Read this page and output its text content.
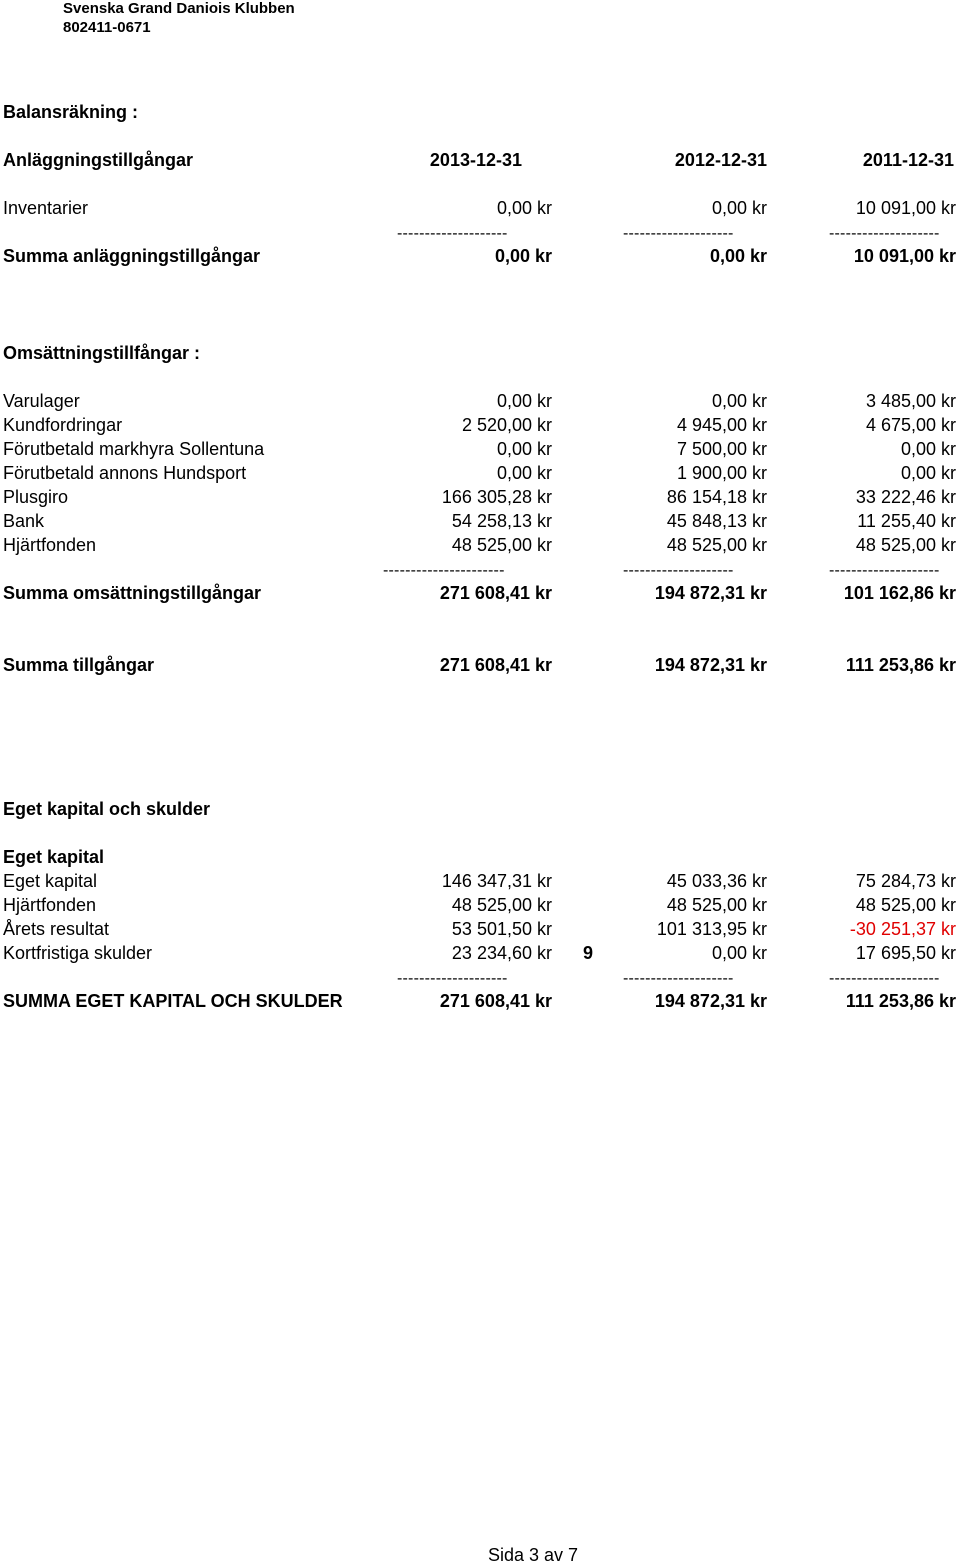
Svenska Grand Daniois Klubben
802411-0671
Balansräkning :
Anläggningstillgångar	2013-12-31	2012-12-31	2011-12-31
Inventarier	0,00 kr	0,00 kr	10 091,00 kr
--------------------	--------------------	--------------------
Summa anläggningstillgångar	0,00 kr	0,00 kr	10 091,00 kr
Omsättningstillfångar :
Varulager	0,00 kr	0,00 kr	3 485,00 kr
Kundfordringar	2 520,00 kr	4 945,00 kr	4 675,00 kr
Förutbetald markhyra Sollentuna	0,00 kr	7 500,00 kr	0,00 kr
Förutbetald annons Hundsport	0,00 kr	1 900,00 kr	0,00 kr
Plusgiro	166 305,28 kr	86 154,18 kr	33 222,46 kr
Bank	54 258,13 kr	45 848,13 kr	11 255,40 kr
Hjärtfonden	48 525,00 kr	48 525,00 kr	48 525,00 kr
----------------------	--------------------	--------------------
Summa omsättningstillgångar	271 608,41 kr	194 872,31 kr	101 162,86 kr
Summa tillgångar	271 608,41 kr	194 872,31 kr	111 253,86 kr
Eget kapital och skulder
Eget kapital
Eget kapital	146 347,31 kr	45 033,36 kr	75 284,73 kr
Hjärtfonden	48 525,00 kr	48 525,00 kr	48 525,00 kr
Årets resultat	53 501,50 kr	101 313,95 kr	-30 251,37 kr
Kortfristiga skulder	23 234,60 kr 9	0,00 kr	17 695,50 kr
--------------------	--------------------	--------------------
SUMMA EGET KAPITAL OCH SKULDER	271 608,41 kr	194 872,31 kr	111 253,86 kr
Sida 3 av 7
